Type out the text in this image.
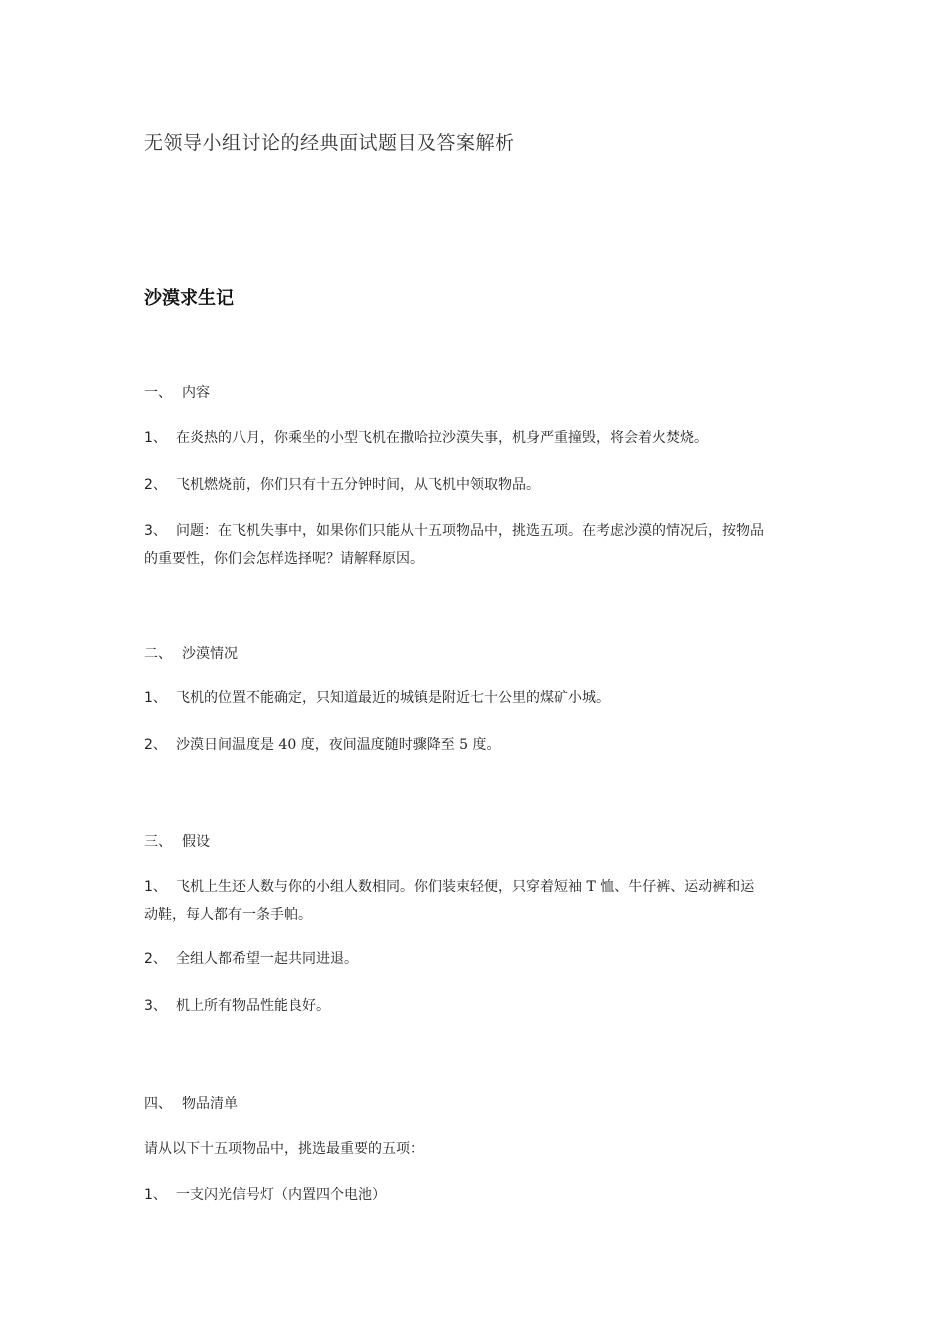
无领导小组讨论的经典面试题目及答案解析
沙漠求生记
一、 内容
1、 在炎热的八月，你乘坐的小型飞机在撒哈拉沙漠失事，机身严重撞毁，将会着火焚烧。
2、 飞机燃烧前，你们只有十五分钟时间，从飞机中领取物品。
3、 问题：在飞机失事中，如果你们只能从十五项物品中，挑选五项。在考虑沙漠的情况后，按物品
的重要性，你们会怎样选择呢？请解释原因。
二、 沙漠情况
1、 飞机的位置不能确定，只知道最近的城镇是附近七十公里的煤矿小城。
2、 沙漠日间温度是 40 度，夜间温度随时骤降至 5 度。
三、 假设
1、 飞机上生还人数与你的小组人数相同。你们装束轻便，只穿着短袖 T 恤、牛仔裤、运动裤和运
动鞋，每人都有一条手帕。
2、 全组人都希望一起共同进退。
3、 机上所有物品性能良好。
四、 物品清单
请从以下十五项物品中，挑选最重要的五项：
1、 一支闪光信号灯（内置四个电池）
